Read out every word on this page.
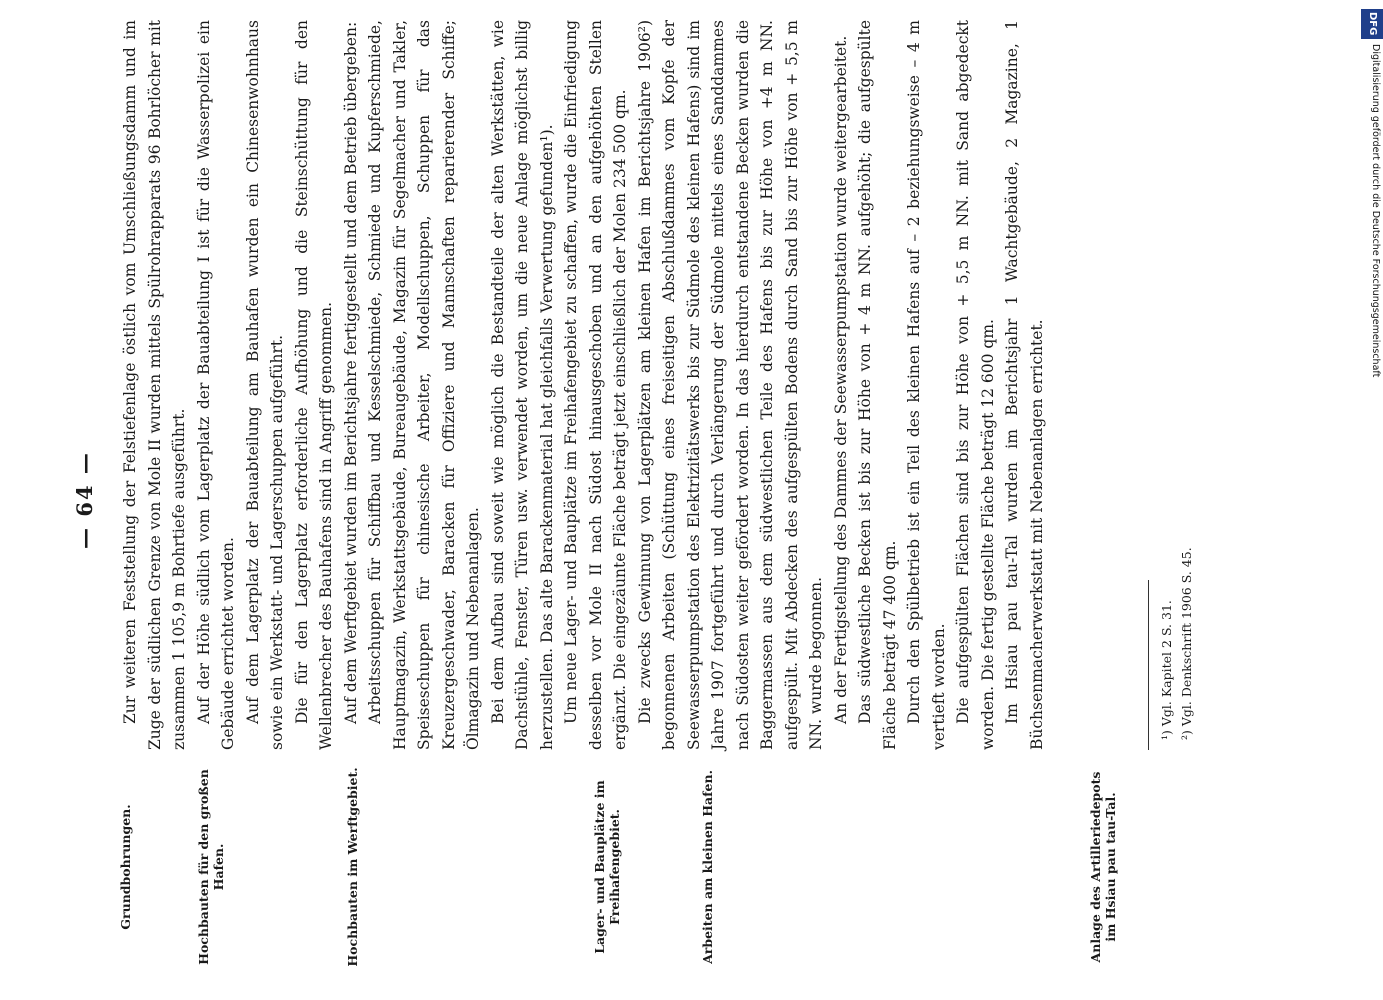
— 64 —
Grundbohrungen.	Hochbauten für den großen Hafen.	Hochbauten im Werftgebiet.	Lager- und Bauplätze im Freihafengebiet.	Arbeiten am kleinen Hafen.	Anlage des Artilleriedepots im Hsiau pau tau-Tal.

Zur weiteren Feststellung der Felstiefenlage östlich vom Umschließungsdamm und im Zuge der südlichen Grenze von Mole II wurden mittels Spülrohrapparats 96 Bohrlöcher mit zusammen 1 105,9 m Bohrtiefe ausgeführt. Auf der Höhe südlich vom Lagerplatz der Bauabteilung I ist für die Wasserpolizei ein Gebäude errichtet worden. Auf dem Lagerplatz der Bauabteilung am Bauhafen wurden ein Chinesenwohnhaus sowie ein Werkstatt- und Lagerschuppen aufgeführt. Die für den Lagerplatz erforderliche Aufhöhung und die Steinschüttung für den Wellenbrecher des Bauhafens sind in Angriff genommen. Auf dem Werftgebiet wurden im Berichtsjahre fertiggestellt und dem Betrieb übergeben: Arbeitsschuppen für Schiffbau und Kesselschmiede, Schmiede und Kupferschmiede, Hauptmagazin, Werkstattsgebäude, Bureaugebäude, Magazin für Segelmacher und Takler, Speiseschuppen für chinesische Arbeiter, Modellschuppen, Schuppen für das Kreuzergeschwader, Baracken für Offiziere und Mannschaften reparierender Schiffe; Ölmagazin und Nebenanlagen. Bei dem Aufbau sind soweit wie möglich die Bestandteile der alten Werkstätten, wie Dachstühle, Fenster, Türen usw. verwendet worden, um die neue Anlage möglichst billig herzustellen. Das alte Barackenmaterial hat gleichfalls Verwertung gefunden¹). Um neue Lager- und Bauplätze im Freihafengebiet zu schaffen, wurde die Einfriedigung desselben vor Mole II nach Südost hinausgeschoben und an den aufgehöhten Stellen ergänzt. Die eingezäunte Fläche beträgt jetzt einschließlich der Molen 234 500 qm. Die zwecks Gewinnung von Lagerplätzen am kleinen Hafen im Berichtsjahre 1906²) begonnenen Arbeiten (Schüttung eines freiseitigen Abschlußdammes vom Kopfe der Seewasserpumpstation des Elektrizitätswerks bis zur Südmole des kleinen Hafens) sind im Jahre 1907 fortgeführt und durch Verlängerung der Südmole mittels eines Sanddammes nach Südosten weiter gefördert worden. In das hierdurch entstandene Becken wurden die Baggermassen aus dem südwestlichen Teile des Hafens bis zur Höhe von +4 m NN. aufgespült. Mit Abdecken des aufgespülten Bodens durch Sand bis zur Höhe von + 5,5 m NN. wurde begonnen. An der Fertigstellung des Dammes der Seewasserpumpstation wurde weitergearbeitet. Das südwestliche Becken ist bis zur Höhe von + 4 m NN. aufgehöht; die aufgespülte Fläche beträgt 47 400 qm. Durch den Spülbetrieb ist ein Teil des kleinen Hafens auf – 2 beziehungsweise – 4 m vertieft worden. Die aufgespülten Flächen sind bis zur Höhe von + 5,5 m NN. mit Sand abgedeckt worden. Die fertig gestellte Fläche beträgt 12 600 qm. Im Hsiau pau tau-Tal wurden im Berichtsjahr 1 Wachtgebäude, 2 Magazine, 1 Büchsenmacherwerkstatt mit Nebenanlagen errichtet.	¹) Vgl. Kapitel 2 S. 31. ²) Vgl. Denkschrift 1906 S. 45.
DFG
Digitalisierung gefördert durch die Deutsche Forschungsgemeinschaft
